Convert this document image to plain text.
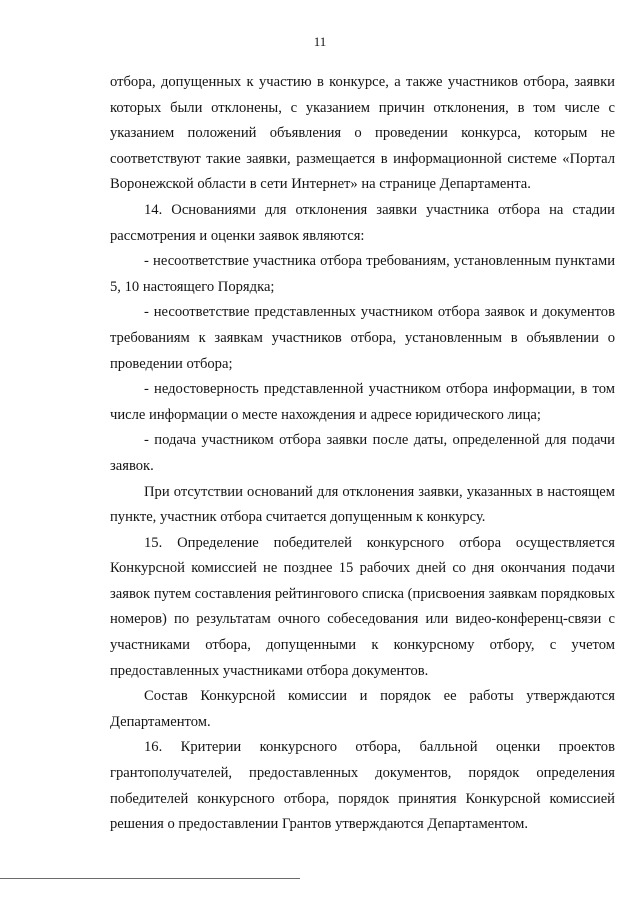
11

отбора, допущенных к участию в конкурсе, а также участников отбора, заявки которых были отклонены, с указанием причин отклонения, в том числе с указанием положений объявления о проведении конкурса, которым не соответствуют такие заявки, размещается в информационной системе «Портал Воронежской области в сети Интернет» на странице Департамента.

14. Основаниями для отклонения заявки участника отбора на стадии рассмотрения и оценки заявок являются:

- несоответствие участника отбора требованиям, установленным пунктами 5, 10 настоящего Порядка;

- несоответствие представленных участником отбора заявок и документов требованиям к заявкам участников отбора, установленным в объявлении о проведении отбора;

- недостоверность представленной участником отбора информации, в том числе информации о месте нахождения и адресе юридического лица;

- подача участником отбора заявки после даты, определенной для подачи заявок.

При отсутствии оснований для отклонения заявки, указанных в настоящем пункте, участник отбора считается допущенным к конкурсу.

15. Определение победителей конкурсного отбора осуществляется Конкурсной комиссией не позднее 15 рабочих дней со дня окончания подачи заявок путем составления рейтингового списка (присвоения заявкам порядковых номеров) по результатам очного собеседования или видео-конференц-связи с участниками отбора, допущенными к конкурсному отбору, с учетом предоставленных участниками отбора документов.

Состав Конкурсной комиссии и порядок ее работы утверждаются Департаментом.

16. Критерии конкурсного отбора, балльной оценки проектов грантополучателей, предоставленных документов, порядок определения победителей конкурсного отбора, порядок принятия Конкурсной комиссией решения о предоставлении Грантов утверждаются Департаментом.
